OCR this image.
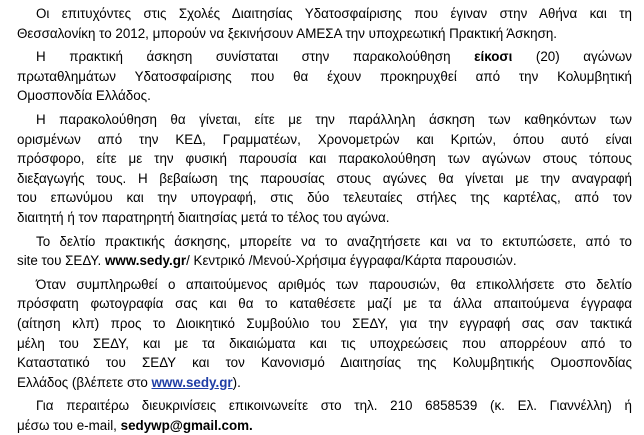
Οι επιτυχόντες στις Σχολές Διαιτησίας Υδατοσφαίρισης που έγιναν στην Αθήνα και τη

Θεσσαλονίκη το 2012, μπορούν να ξεκινήσουν ΑΜΕΣΑ την υποχρεωτική Πρακτική Άσκηση.

Η πρακτική άσκηση συνίσταται στην παρακολούθηση είκοσι (20) αγώνων

πρωταθλημάτων Υδατοσφαίρισης που θα έχουν προκηρυχθεί από την Κολυμβητική

Ομοσπονδία Ελλάδος.

Η παρακολούθηση θα γίνεται, είτε με την παράλληλη άσκηση των καθηκόντων των

ορισμένων από την ΚΕΔ, Γραμματέων, Χρονομετρών και Κριτών, όπου αυτό είναι

πρόσφορο, είτε με την φυσική παρουσία και παρακολούθηση των αγώνων στους τόπους

διεξαγωγής τους. Η βεβαίωση της παρουσίας στους αγώνες θα γίνεται με την αναγραφή

του επωνύμου και την υπογραφή, στις δύο τελευταίες στήλες της καρτέλας, από τον

διαιτητή ή τον παρατηρητή διαιτησίας μετά το τέλος του αγώνα.

Το δελτίο πρακτικής άσκησης, μπορείτε να το αναζητήσετε και να το εκτυπώσετε, από το

site του ΣΕΔΥ. www.sedy.gr/ Κεντρικό /Μενού-Χρήσιμα έγγραφα/Κάρτα παρουσιών.

Όταν συμπληρωθεί ο απαιτούμενος αριθμός των παρουσιών, θα επικολλήσετε στο δελτίο

πρόσφατη φωτογραφία σας και θα το καταθέσετε μαζί με τα άλλα απαιτούμενα έγγραφα

(αίτηση κλπ) προς το Διοικητικό Συμβούλιο του ΣΕΔΥ, για την εγγραφή σας σαν τακτικά

μέλη του ΣΕΔΥ, και με τα δικαιώματα και τις υποχρεώσεις που απορρέουν από το

Καταστατικό του ΣΕΔΥ και τον Κανονισμό Διαιτησίας της Κολυμβητικής Ομοσπονδίας

Ελλάδος (βλέπετε στο www.sedy.gr).

Για περαιτέρω διευκρινίσεις επικοινωνείτε στο τηλ. 210 6858539 (κ. Ελ. Γιαννέλλη) ή

μέσω του e-mail, sedywp@gmail.com.
